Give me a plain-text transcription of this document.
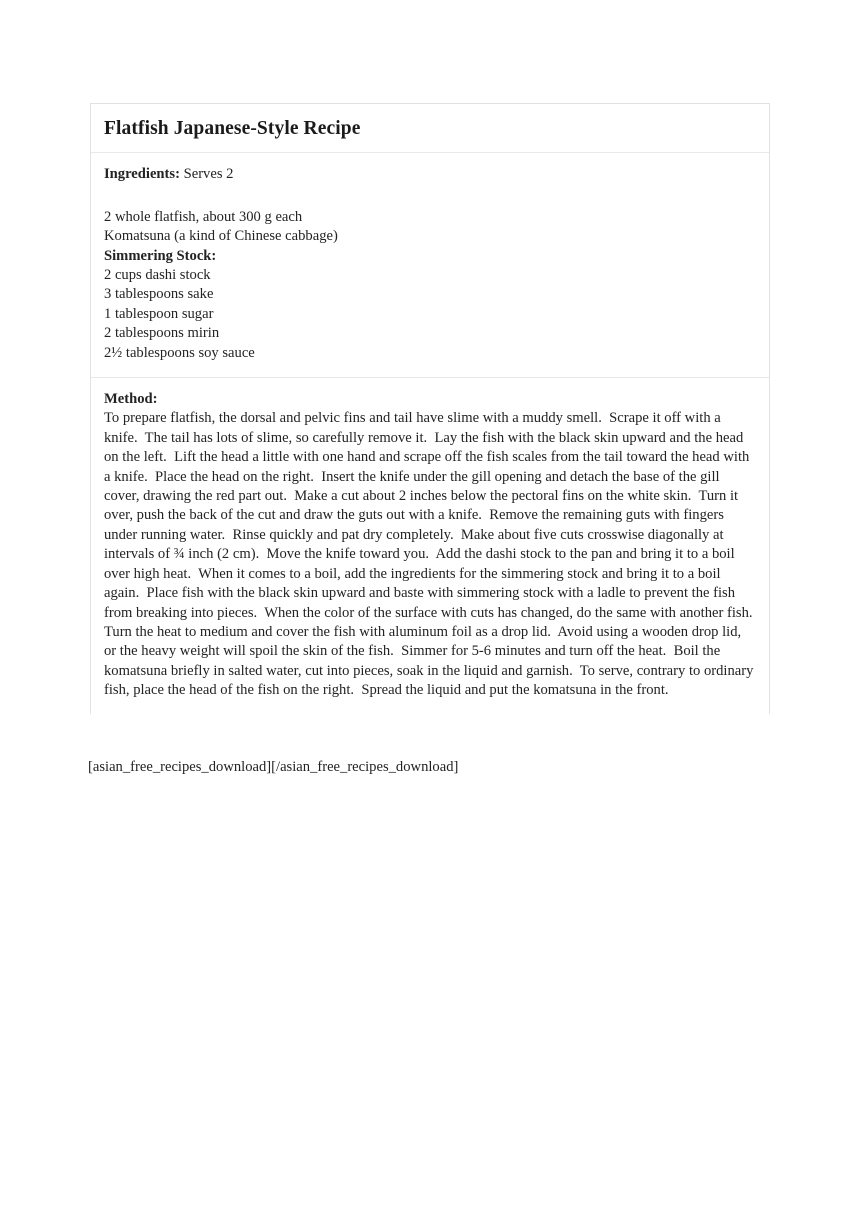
Flatfish Japanese-Style Recipe
Ingredients: Serves 2
2 whole flatfish, about 300 g each
Komatsuna (a kind of Chinese cabbage)
Simmering Stock:
2 cups dashi stock
3 tablespoons sake
1 tablespoon sugar
2 tablespoons mirin
2½ tablespoons soy sauce
Method:

To prepare flatfish, the dorsal and pelvic fins and tail have slime with a muddy smell.  Scrape it off with a knife.  The tail has lots of slime, so carefully remove it.  Lay the fish with the black skin upward and the head on the left.  Lift the head a little with one hand and scrape off the fish scales from the tail toward the head with a knife.  Place the head on the right.  Insert the knife under the gill opening and detach the base of the gill cover, drawing the red part out.  Make a cut about 2 inches below the pectoral fins on the white skin.  Turn it over, push the back of the cut and draw the guts out with a knife.  Remove the remaining guts with fingers under running water.  Rinse quickly and pat dry completely.  Make about five cuts crosswise diagonally at intervals of ¾ inch (2 cm).  Move the knife toward you.  Add the dashi stock to the pan and bring it to a boil over high heat.  When it comes to a boil, add the ingredients for the simmering stock and bring it to a boil again.  Place fish with the black skin upward and baste with simmering stock with a ladle to prevent the fish from breaking into pieces.  When the color of the surface with cuts has changed, do the same with another fish.  Turn the heat to medium and cover the fish with aluminum foil as a drop lid.  Avoid using a wooden drop lid, or the heavy weight will spoil the skin of the fish.  Simmer for 5-6 minutes and turn off the heat.  Boil the komatsuna briefly in salted water, cut into pieces, soak in the liquid and garnish.  To serve, contrary to ordinary fish, place the head of the fish on the right.  Spread the liquid and put the komatsuna in the front.

[asian_free_recipes_download][/asian_free_recipes_download]
